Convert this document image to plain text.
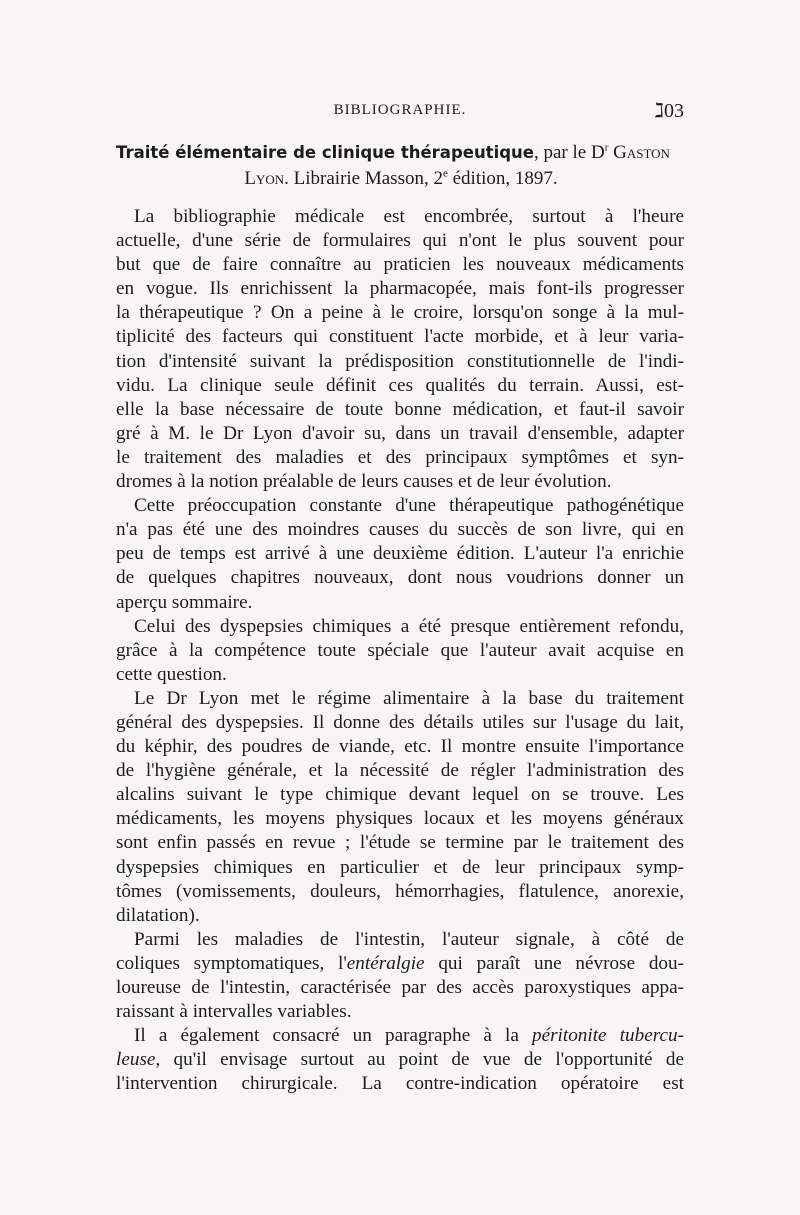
BIBLIOGRAPHIE.	ℷ03
Traité élémentaire de clinique thérapeutique, par le $D^r$ Gaston
Lyon. Librairie Masson, 2e édition, 1897.
La bibliographie médicale est encombrée, surtout à l'heure
actuelle, d'une série de formulaires qui n'ont le plus souvent pour
but que de faire connaître au praticien les nouveaux médicaments
en vogue. Ils enrichissent la pharmacopée, mais font-ils progresser
la thérapeutique ? On a peine à le croire, lorsqu'on songe à la mul-
tiplicité des facteurs qui constituent l'acte morbide, et à leur varia-
tion d'intensité suivant la prédisposition constitutionnelle de l'indi-
vidu. La clinique seule définit ces qualités du terrain. Aussi, est-
elle la base nécessaire de toute bonne médication, et faut-il savoir
gré à M. le Dr Lyon d'avoir su, dans un travail d'ensemble, adapter
le traitement des maladies et des principaux symptômes et syn-
dromes à la notion préalable de leurs causes et de leur évolution.
Cette préoccupation constante d'une thérapeutique pathogénétique
n'a pas été une des moindres causes du succès de son livre, qui en
peu de temps est arrivé à une deuxième édition. L'auteur l'a enrichie
de quelques chapitres nouveaux, dont nous voudrions donner un
aperçu sommaire.
Celui des dyspepsies chimiques a été presque entièrement refondu,
grâce à la compétence toute spéciale que l'auteur avait acquise en
cette question.
Le Dr Lyon met le régime alimentaire à la base du traitement
général des dyspepsies. Il donne des détails utiles sur l'usage du lait,
du képhir, des poudres de viande, etc. Il montre ensuite l'importance
de l'hygiène générale, et la nécessité de régler l'administration des
alcalins suivant le type chimique devant lequel on se trouve. Les
médicaments, les moyens physiques locaux et les moyens généraux
sont enfin passés en revue ; l'étude se termine par le traitement des
dyspepsies chimiques en particulier et de leur principaux symp-
tômes (vomissements, douleurs, hémorrhagies, flatulence, anorexie,
dilatation).
Parmi les maladies de l'intestin, l'auteur signale, à côté de
coliques symptomatiques, l'entéralgie qui paraît une névrose dou-
loureuse de l'intestin, caractérisée par des accès paroxystiques appa-
raissant à intervalles variables.
Il a également consacré un paragraphe à la péritonite tubercu-
leuse, qu'il envisage surtout au point de vue de l'opportunité de
l'intervention chirurgicale. La contre-indication opératoire est
